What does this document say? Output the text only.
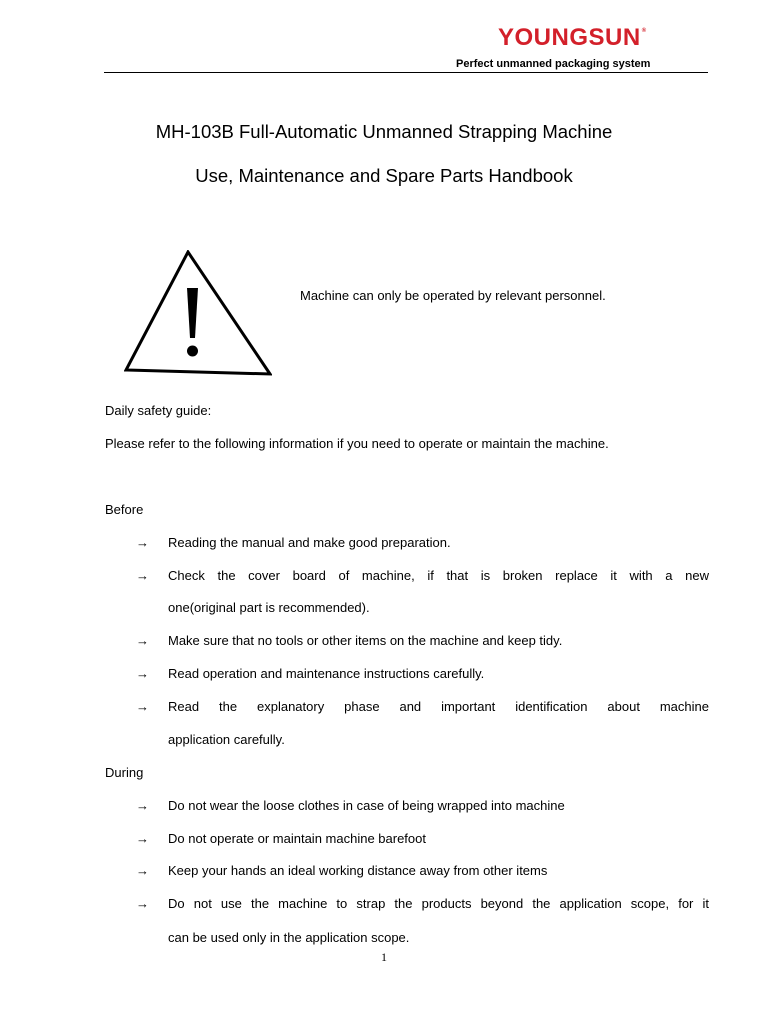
YOUNGSUN®
Perfect unmanned packaging system
MH-103B Full-Automatic Unmanned Strapping Machine
Use, Maintenance and Spare Parts Handbook
Machine can only be operated by relevant personnel.
Daily safety guide:
Please refer to the following information if you need to operate or maintain the machine.
Before
→ Reading the manual and make good preparation.
→ Check the cover board of machine, if that is broken replace it with a new
one(original part is recommended).
→ Make sure that no tools or other items on the machine and keep tidy.
→ Read operation and maintenance instructions carefully.
→ Read the explanatory phase and important identification about machine
application carefully.
During
→ Do not wear the loose clothes in case of being wrapped into machine
→ Do not operate or maintain machine barefoot
→ Keep your hands an ideal working distance away from other items
→ Do not use the machine to strap the products beyond the application scope, for it
can be used only in the application scope.
1
